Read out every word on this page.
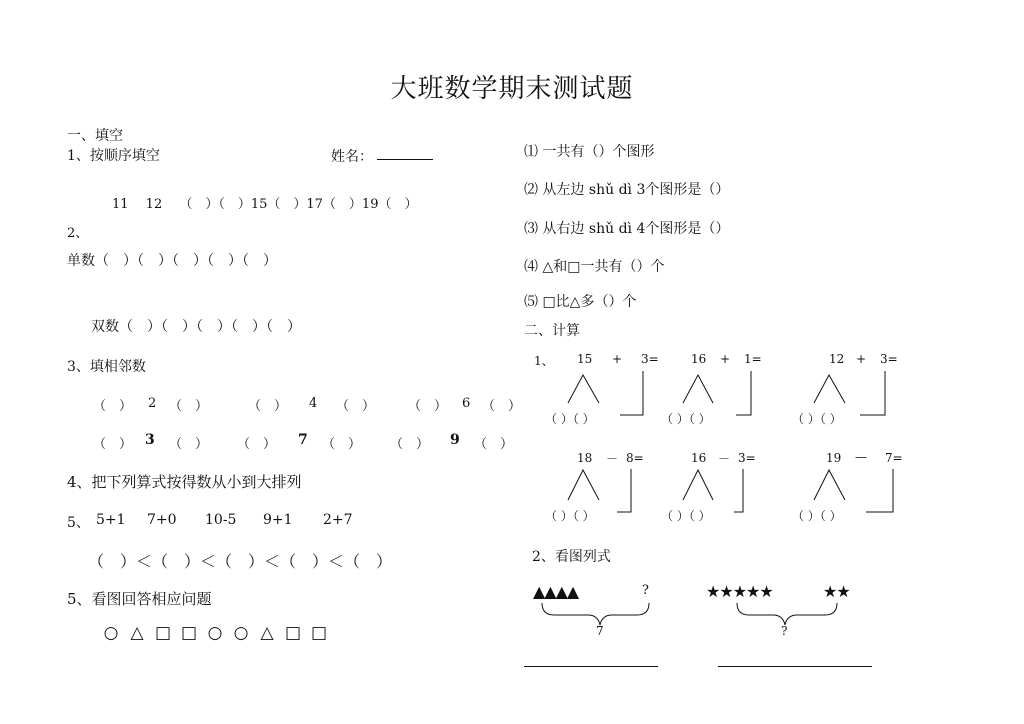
大班数学期末测试题
一、填空
1、按顺序填空	姓名：
11　 12　 （　）（　）15（　）17（　）19（　）
2、
单数（　）（　）（　）（　）（　）
双数（　）（　）（　）（　）（　）
3、填相邻数
（　） 2 （　）	（　） 4 （　）	（　） 6 （　）
（　） 3 （　） （　） 7 （　） （　） 9 （　）
4、把下列算式按得数从小到大排列
5、 5+1 7+0 10-5 9+1 2+7
（　）＜（　）＜（　）＜（　）＜（　）
5、看图回答相应问题
○ △ □ □ ○ ○ △ □ □
⑴ 一共有（）个图形
⑵ 从左边 shǔ dì 3个图形是（）
⑶ 从右边 shǔ dì 4个图形是（）
⑷ △和□一共有（）个
⑸ □比△多（）个
二、计算
1、 15 + 3=
（ ）（ ）
16 + 1=
（ ）（ ）
12 + 3=
（ ）（ ）
18 － 8=
（ ）（ ）
16 － 3=
（ ）（ ）
19 — 7=
（ ）（ ）
2、看图列式
▲▲▲▲	?
7
★★★★★	★★
?
